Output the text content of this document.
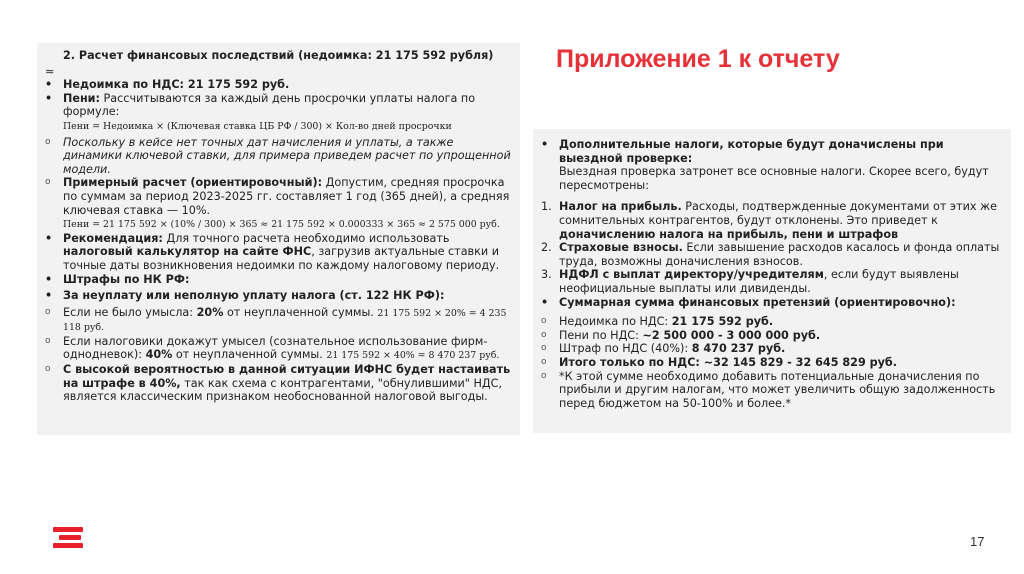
Приложение 1 к отчету
2. Расчет финансовых последствий (недоимка: 21 175 592 рубля)
≈
• Недоимка по НДС: 21 175 592 руб.
• Пени: Рассчитываются за каждый день просрочки уплаты налога по формуле:
Пени = Недоимка × (Ключевая ставка ЦБ РФ / 300) × Кол-во дней просрочки
o	Поскольку в кейсе нет точных дат начисления и уплаты, а также динамики ключевой ставки, для примера приведем расчет по упрощенной модели.
o	Примерный расчет (ориентировочный): Допустим, средняя просрочка по суммам за период 2023-2025 гг. составляет 1 год (365 дней), а средняя ключевая ставка — 10%.
Пени = 21 175 592 × (10% / 300) × 365 ≈ 21 175 592 × 0.000333 × 365 ≈ 2 575 000 руб.
• Рекомендация: Для точного расчета необходимо использовать налоговый калькулятор на сайте ФНС, загрузив актуальные ставки и точные даты возникновения недоимки по каждому налоговому периоду.
• Штрафы по НК РФ:
• За неуплату или неполную уплату налога (ст. 122 НК РФ):
o	Если не было умысла: 20% от неуплаченной суммы. 21 175 592 × 20% = 4 235 118 руб.
o	Если налоговики докажут умысел (сознательное использование фирм-однодневок): 40% от неуплаченной суммы. 21 175 592 × 40% = 8 470 237 руб.
o	С высокой вероятностью в данной ситуации ИФНС будет настаивать на штрафе в 40%, так как схема с контрагентами, "обнулившими" НДС, является классическим признаком необоснованной налоговой выгоды.
• Дополнительные налоги, которые будут доначислены при выездной проверке:
Выездная проверка затронет все основные налоги. Скорее всего, будут пересмотрены:
1. Налог на прибыль. Расходы, подтвержденные документами от этих же сомнительных контрагентов, будут отклонены. Это приведет к доначислению налога на прибыль, пени и штрафов
2. Страховые взносы. Если завышение расходов касалось и фонда оплаты труда, возможны доначисления взносов.
3. НДФЛ с выплат директору/учредителям, если будут выявлены неофициальные выплаты или дивиденды.
• Суммарная сумма финансовых претензий (ориентировочно):
o	Недоимка по НДС: 21 175 592 руб.
o	Пени по НДС: ~2 500 000 - 3 000 000 руб.
o	Штраф по НДС (40%): 8 470 237 руб.
o	Итого только по НДС: ~32 145 829 - 32 645 829 руб.
o	*К этой сумме необходимо добавить потенциальные доначисления по прибыли и другим налогам, что может увеличить общую задолженность перед бюджетом на 50-100% и более.*
17
